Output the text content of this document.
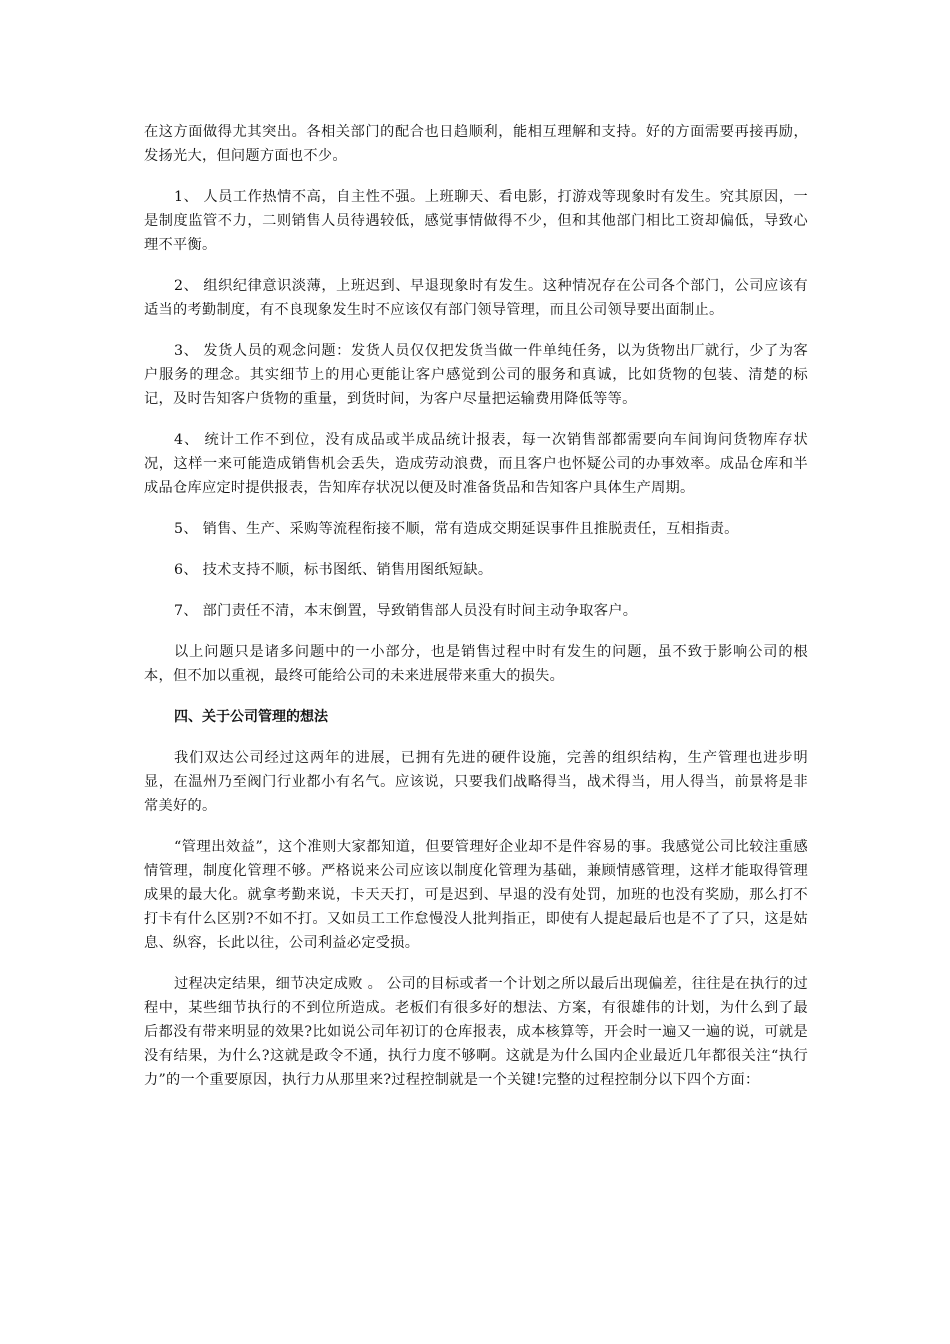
在这方面做得尤其突出。各相关部门的配合也日趋顺利，能相互理解和支持。好的方面需要再接再励，发扬光大，但问题方面也不少。

1、 人员工作热情不高，自主性不强。上班聊天、看电影，打游戏等现象时有发生。究其原因，一是制度监管不力，二则销售人员待遇较低，感觉事情做得不少，但和其他部门相比工资却偏低，导致心理不平衡。

2、 组织纪律意识淡薄，上班迟到、早退现象时有发生。这种情况存在公司各个部门，公司应该有适当的考勤制度，有不良现象发生时不应该仅有部门领导管理，而且公司领导要出面制止。

3、 发货人员的观念问题：发货人员仅仅把发货当做一件单纯任务，以为货物出厂就行，少了为客户服务的理念。其实细节上的用心更能让客户感觉到公司的服务和真诚，比如货物的包装、清楚的标记，及时告知客户货物的重量，到货时间，为客户尽量把运输费用降低等等。

4、 统计工作不到位，没有成品或半成品统计报表，每一次销售部都需要向车间询问货物库存状况，这样一来可能造成销售机会丢失，造成劳动浪费，而且客户也怀疑公司的办事效率。成品仓库和半成品仓库应定时提供报表，告知库存状况以便及时准备货品和告知客户具体生产周期。

5、 销售、生产、采购等流程衔接不顺，常有造成交期延误事件且推脱责任，互相指责。

6、 技术支持不顺，标书图纸、销售用图纸短缺。

7、 部门责任不清，本末倒置，导致销售部人员没有时间主动争取客户。

以上问题只是诸多问题中的一小部分，也是销售过程中时有发生的问题，虽不致于影响公司的根本，但不加以重视，最终可能给公司的未来进展带来重大的损失。

四、关于公司管理的想法

我们双达公司经过这两年的进展，已拥有先进的硬件设施，完善的组织结构，生产管理也进步明显，在温州乃至阀门行业都小有名气。应该说，只要我们战略得当，战术得当，用人得当，前景将是非常美好的。

“管理出效益”，这个准则大家都知道，但要管理好企业却不是件容易的事。我感觉公司比较注重感情管理，制度化管理不够。严格说来公司应该以制度化管理为基础，兼顾情感管理，这样才能取得管理成果的最大化。就拿考勤来说，卡天天打，可是迟到、早退的没有处罚，加班的也没有奖励，那么打不打卡有什么区别?不如不打。又如员工工作怠慢没人批判指正，即使有人提起最后也是不了了只，这是姑息、纵容，长此以往，公司利益必定受损。

过程决定结果，细节决定成败 。 公司的目标或者一个计划之所以最后出现偏差，往往是在执行的过程中，某些细节执行的不到位所造成。老板们有很多好的想法、方案，有很雄伟的计划，为什么到了最后都没有带来明显的效果?比如说公司年初订的仓库报表，成本核算等，开会时一遍又一遍的说，可就是没有结果，为什么?这就是政令不通，执行力度不够啊。这就是为什么国内企业最近几年都很关注“执行力”的一个重要原因，执行力从那里来?过程控制就是一个关键!完整的过程控制分以下四个方面：
